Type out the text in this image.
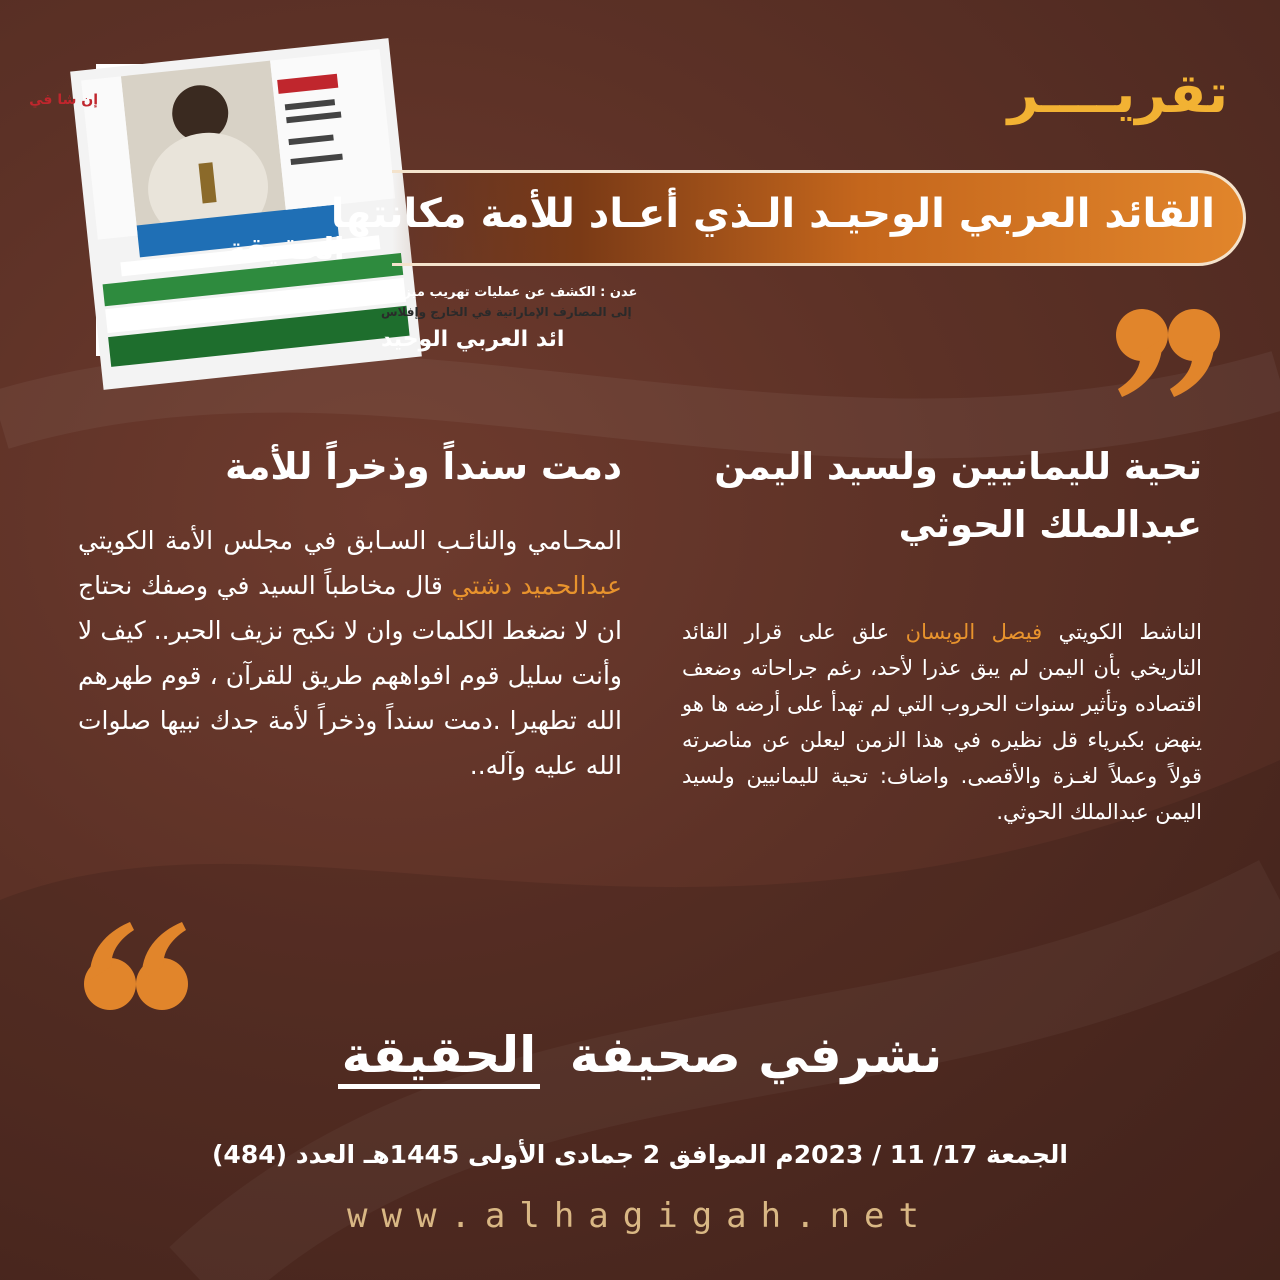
الحقيقة
عدن : الكشف عن عمليات تهريب ميزانية
إلى المصارف الإماراتية في الخارج وإفلاس
ائد العربي الوحيد
إن شا في	تقريــــر
القائد العربي الوحيـد الـذي أعـاد للأمة مكانتها

تحية لليمانيين ولسيد اليمن
عبدالملك الحوثي

الناشط الكويتي فيصل الويسان علق على قرار القائد التاريخي بأن اليمن لم يبق عذرا لأحد، رغم جراحاته وضعف اقتصاده وتأثير سنوات الحروب التي لم تهدأ على أرضه ها هو ينهض بكبرياء قل نظيره في هذا الزمن ليعلن عن مناصرته قولاً وعملاً لغـزة والأقصى. واضاف: تحية لليمانيين ولسيد اليمن عبدالملك الحوثي.

دمت سنداً وذخراً للأمة

المحـامي والنائـب السـابق في مجلس الأمة الكويتي عبدالحميد دشتي قال مخاطباً السيد في وصفك نحتاج ان لا نضغط الكلمات وان لا نكبح نزيف الحبر.. كيف لا وأنت سليل قوم افواههم طريق للقرآن ، قوم طهرهم الله تطهيرا .دمت سنداً وذخراً لأمة جدك نبيها صلوات الله عليه وآله..

نشرفي صحيفة الحقيقة
الجمعة 17/ 11 / 2023م الموافق 2 جمادى الأولى 1445هـ العدد (484)
www.alhagigah.net
